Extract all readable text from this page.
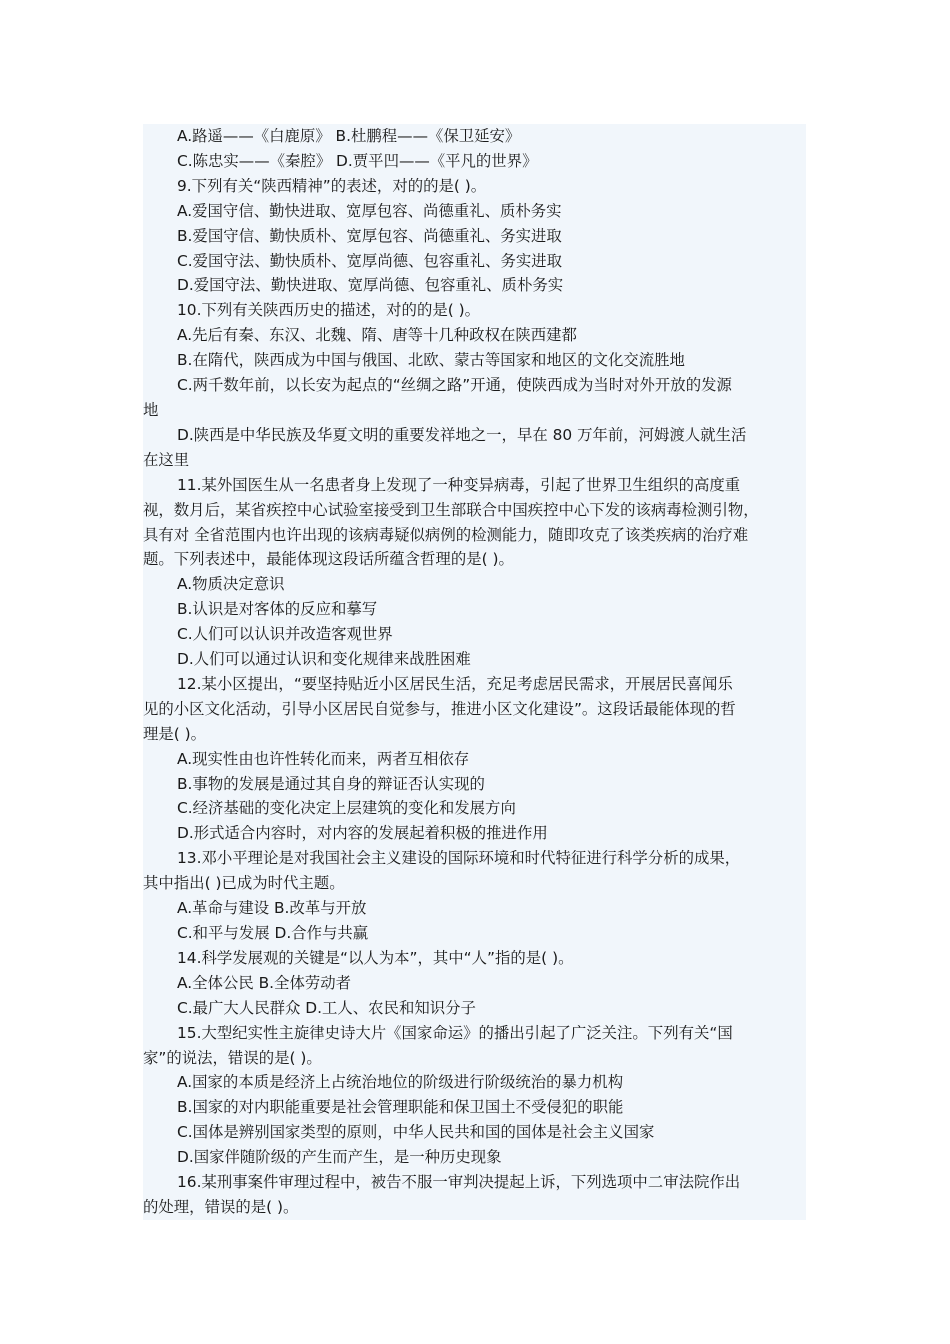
A.路遥——《白鹿原》 B.杜鹏程——《保卫延安》

C.陈忠实——《秦腔》 D.贾平凹——《平凡的世界》

9.下列有关“陕西精神”的表述，对的的是( )。

A.爱国守信、勤快进取、宽厚包容、尚德重礼、质朴务实

B.爱国守信、勤快质朴、宽厚包容、尚德重礼、务实进取

C.爱国守法、勤快质朴、宽厚尚德、包容重礼、务实进取

D.爱国守法、勤快进取、宽厚尚德、包容重礼、质朴务实

10.下列有关陕西历史的描述，对的的是( )。

A.先后有秦、东汉、北魏、隋、唐等十几种政权在陕西建都

B.在隋代，陕西成为中国与俄国、北欧、蒙古等国家和地区的文化交流胜地

C.两千数年前，以长安为起点的“丝绸之路”开通，使陕西成为当时对外开放的发源

地

D.陕西是中华民族及华夏文明的重要发祥地之一，早在 80 万年前，河姆渡人就生活

在这里

11.某外国医生从一名患者身上发现了一种变异病毒，引起了世界卫生组织的高度重

视，数月后，某省疾控中心试验室接受到卫生部联合中国疾控中心下发的该病毒检测引物，

具有对 全省范围内也许出现的该病毒疑似病例的检测能力，随即攻克了该类疾病的治疗难

题。下列表述中，最能体现这段话所蕴含哲理的是( )。

A.物质决定意识

B.认识是对客体的反应和摹写

C.人们可以认识并改造客观世界

D.人们可以通过认识和变化规律来战胜困难

12.某小区提出，“要坚持贴近小区居民生活，充足考虑居民需求，开展居民喜闻乐

见的小区文化活动，引导小区居民自觉参与，推进小区文化建设”。这段话最能体现的哲

理是( )。

A.现实性由也许性转化而来，两者互相依存

B.事物的发展是通过其自身的辩证否认实现的

C.经济基础的变化决定上层建筑的变化和发展方向

D.形式适合内容时，对内容的发展起着积极的推进作用

13.邓小平理论是对我国社会主义建设的国际环境和时代特征进行科学分析的成果，

其中指出( )已成为时代主题。

A.革命与建设 B.改革与开放

C.和平与发展 D.合作与共赢

14.科学发展观的关键是“以人为本”，其中“人”指的是( )。

A.全体公民 B.全体劳动者

C.最广大人民群众 D.工人、农民和知识分子

15.大型纪实性主旋律史诗大片《国家命运》的播出引起了广泛关注。下列有关“国

家”的说法，错误的是( )。

A.国家的本质是经济上占统治地位的阶级进行阶级统治的暴力机构

B.国家的对内职能重要是社会管理职能和保卫国土不受侵犯的职能

C.国体是辨别国家类型的原则，中华人民共和国的国体是社会主义国家

D.国家伴随阶级的产生而产生，是一种历史现象

16.某刑事案件审理过程中，被告不服一审判决提起上诉，下列选项中二审法院作出

的处理，错误的是( )。
